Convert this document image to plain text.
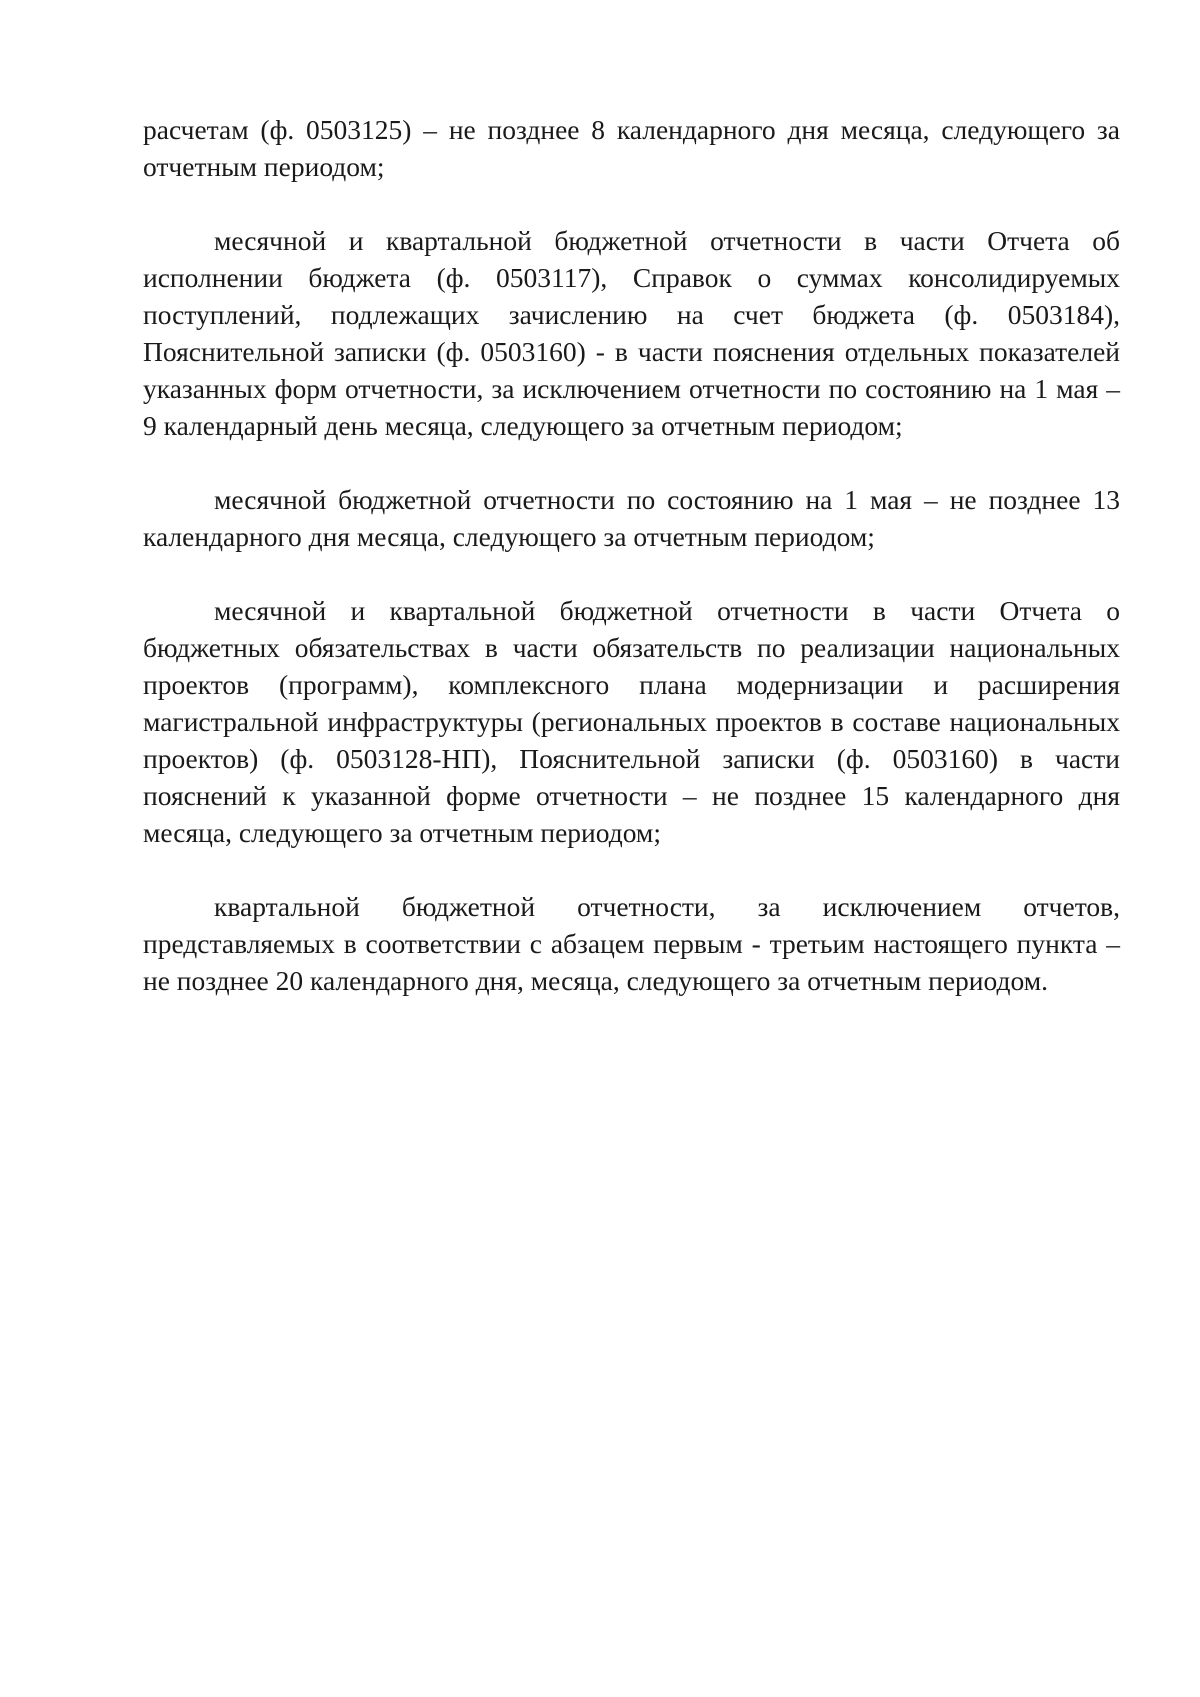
расчетам (ф. 0503125) – не позднее 8 календарного дня месяца, следующего за отчетным периодом;

месячной и квартальной бюджетной отчетности в части Отчета об исполнении бюджета (ф. 0503117), Справок о суммах консолидируемых поступлений, подлежащих зачислению на счет бюджета (ф. 0503184), Пояснительной записки (ф. 0503160) - в части пояснения отдельных показателей указанных форм отчетности, за исключением отчетности по состоянию на 1 мая – 9 календарный день месяца, следующего за отчетным периодом;

месячной бюджетной отчетности по состоянию на 1 мая – не позднее 13 календарного дня месяца, следующего за отчетным периодом;

месячной и квартальной бюджетной отчетности в части Отчета о бюджетных обязательствах в части обязательств по реализации национальных проектов (программ), комплексного плана модернизации и расширения магистральной инфраструктуры (региональных проектов в составе национальных проектов) (ф. 0503128-НП), Пояснительной записки (ф. 0503160) в части пояснений к указанной форме отчетности – не позднее 15 календарного дня месяца, следующего за отчетным периодом;

квартальной бюджетной отчетности, за исключением отчетов, представляемых в соответствии с абзацем первым - третьим настоящего пункта – не позднее 20 календарного дня, месяца, следующего за отчетным периодом.
